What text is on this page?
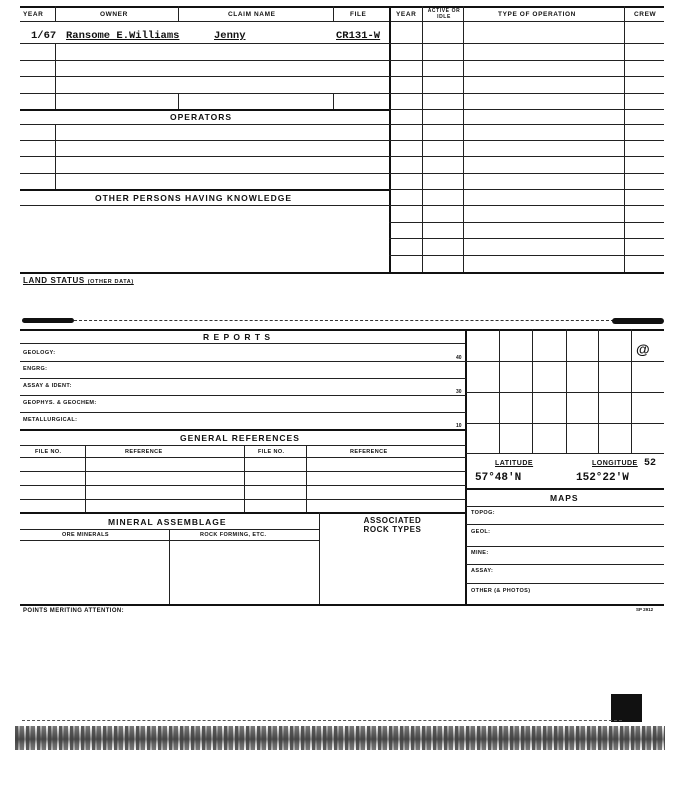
YEAR	OWNER	CLAIM NAME	FILE	YEAR	ACTIVE OR IDLE	TYPE OF OPERATION	CREW
1/67 Ransome E.Williams	Jenny	CR131-W
OPERATORS
OTHER PERSONS HAVING KNOWLEDGE
LAND STATUS (OTHER DATA)
R E P O R T S
GEOLOGY:
40
ENGRG:
ASSAY & IDENT:
30
GEOPHYS. & GEOCHEM:
METALLURGICAL:
10
GENERAL REFERENCES
FILE NO.	REFERENCE	FILE NO.	REFERENCE
MINERAL ASSEMBLAGE	ASSOCIATED
ROCK TYPES
ORE MINERALS	ROCK FORMING, ETC.
@
LATITUDE	LONGITUDE 52
57°48'N	152°22'W
MAPS
TOPOG:
GEOL:
MINE:
ASSAY:
OTHER (& PHOTOS)
POINTS MERITING ATTENTION:	SP 2912
